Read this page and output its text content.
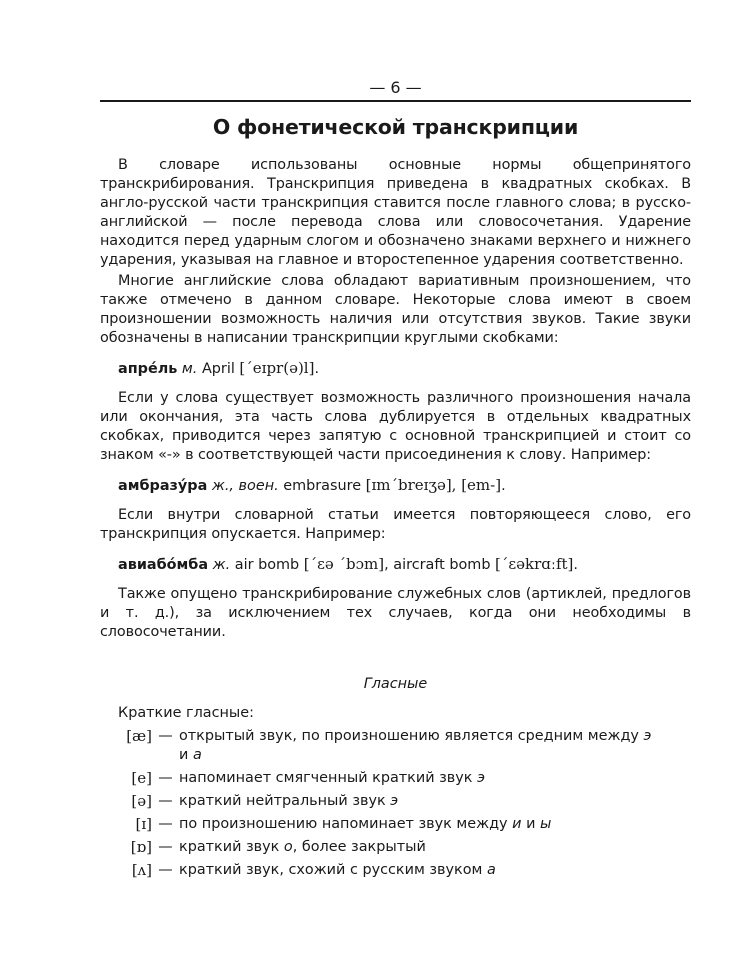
— 6 —
О фонетической транскрипции

В словаре использованы основные нормы общепринятого транскрибирования. Транскрипция приведена в квадратных скобках. В англо-русской части транскрипция ставится после главного слова; в русско-английской — после перевода слова или словосочетания. Ударение находится перед ударным слогом и обозначено знаками верхнего и нижнего ударения, указывая на главное и второстепенное ударения соответственно.

Многие английские слова обладают вариативным произношением, что также отмечено в данном словаре. Некоторые слова имеют в своем произношении возможность наличия или отсутствия звуков. Такие звуки обозначены в написании транскрипции круглыми скобками:

апре́ль м. April [ˊeɪpr(ə)l].

Если у слова существует возможность различного произношения начала или окончания, эта часть слова дублируется в отдельных квадратных скобках, приводится через запятую с основной транскрипцией и стоит со знаком «-» в соответствующей части присоединения к слову. Например:

амбразу́ра ж., воен. embrasure [ɪmˊbreɪʒə], [em-].

Если внутри словарной статьи имеется повторяющееся слово, его транскрипция опускается. Например:

авиабо́мба ж. air bomb [ˊɛə ˊbɔm], aircraft bomb [ˊɛəkrɑːft].

Также опущено транскрибирование служебных слов (артиклей, предлогов и т. д.), за исключением тех случаев, когда они необходимы в словосочетании.

Гласные
Краткие гласные:
[æ] — открытый звук, по произношению является средним между э и а
[e] — напоминает смягченный краткий звук э
[ə] — краткий нейтральный звук э
[ɪ] — по произношению напоминает звук между и и ы
[ɒ] — краткий звук о, более закрытый
[ʌ] — краткий звук, схожий с русским звуком а
